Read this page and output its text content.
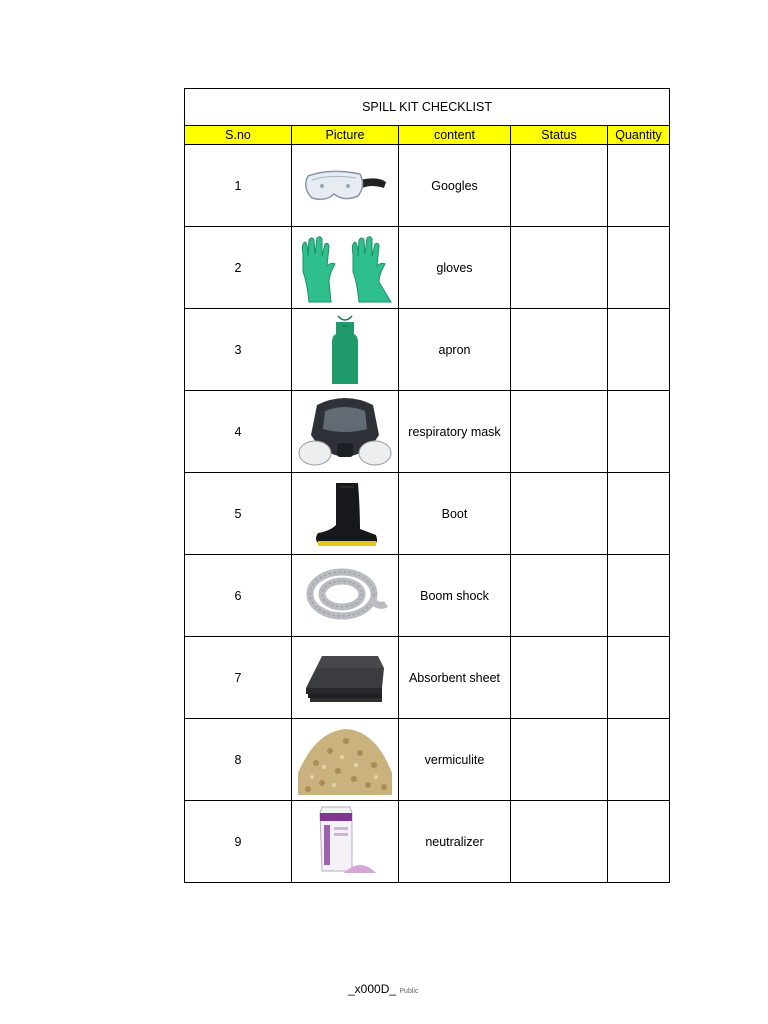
SPILL KIT CHECKLIST				
S.no	Picture	content	Status	Quantity
1		Googles		
2		gloves		
3		apron		
4		respiratory mask		
5		Boot		
6		Boom shock		
7		Absorbent sheet		
8		vermiculite		
9		neutralizer		
_x000D_ Public
